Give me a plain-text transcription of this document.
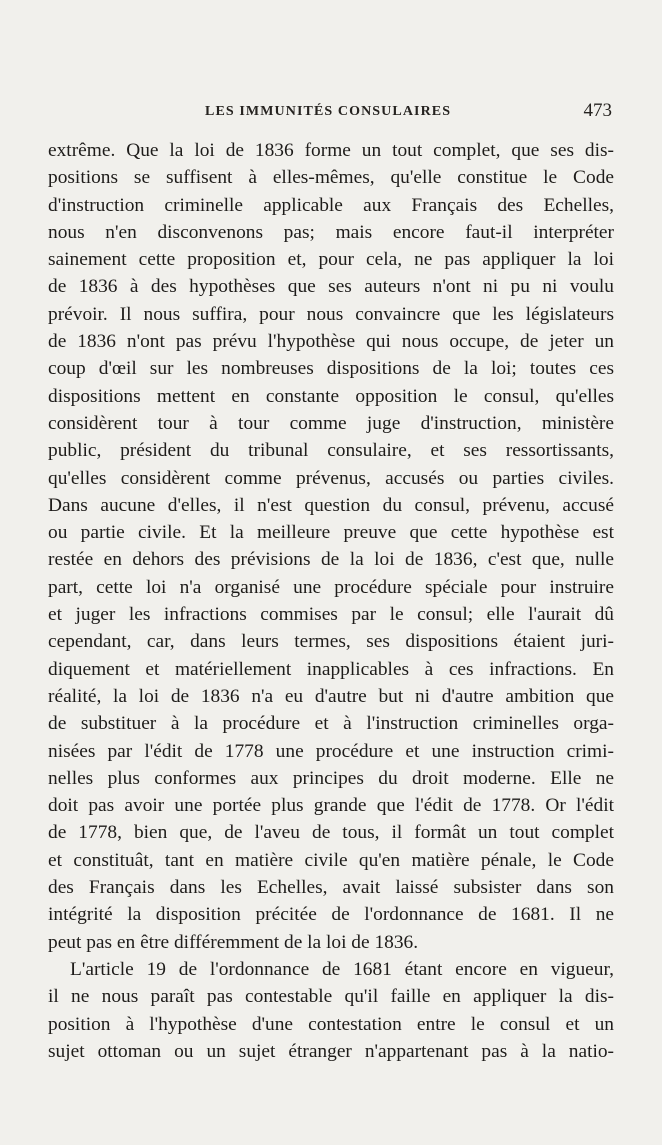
LES IMMUNITÉS CONSULAIRES	473
extrême. Que la loi de 1836 forme un tout complet, que ses dis-
positions se suffisent à elles-mêmes, qu'elle constitue le Code
d'instruction criminelle applicable aux Français des Echelles,
nous n'en disconvenons pas; mais encore faut-il interpréter
sainement cette proposition et, pour cela, ne pas appliquer la loi
de 1836 à des hypothèses que ses auteurs n'ont ni pu ni voulu
prévoir. Il nous suffira, pour nous convaincre que les législateurs
de 1836 n'ont pas prévu l'hypothèse qui nous occupe, de jeter un
coup d'œil sur les nombreuses dispositions de la loi; toutes ces
dispositions mettent en constante opposition le consul, qu'elles
considèrent tour à tour comme juge d'instruction, ministère
public, président du tribunal consulaire, et ses ressortissants,
qu'elles considèrent comme prévenus, accusés ou parties civiles.
Dans aucune d'elles, il n'est question du consul, prévenu, accusé
ou partie civile. Et la meilleure preuve que cette hypothèse est
restée en dehors des prévisions de la loi de 1836, c'est que, nulle
part, cette loi n'a organisé une procédure spéciale pour instruire
et juger les infractions commises par le consul; elle l'aurait dû
cependant, car, dans leurs termes, ses dispositions étaient juri-
diquement et matériellement inapplicables à ces infractions. En
réalité, la loi de 1836 n'a eu d'autre but ni d'autre ambition que
de substituer à la procédure et à l'instruction criminelles orga-
nisées par l'édit de 1778 une procédure et une instruction crimi-
nelles plus conformes aux principes du droit moderne. Elle ne
doit pas avoir une portée plus grande que l'édit de 1778. Or l'édit
de 1778, bien que, de l'aveu de tous, il formât un tout complet
et constituât, tant en matière civile qu'en matière pénale, le Code
des Français dans les Echelles, avait laissé subsister dans son
intégrité la disposition précitée de l'ordonnance de 1681. Il ne
peut pas en être différemment de la loi de 1836.
L'article 19 de l'ordonnance de 1681 étant encore en vigueur,
il ne nous paraît pas contestable qu'il faille en appliquer la dis-
position à l'hypothèse d'une contestation entre le consul et un
sujet ottoman ou un sujet étranger n'appartenant pas à la natio-
